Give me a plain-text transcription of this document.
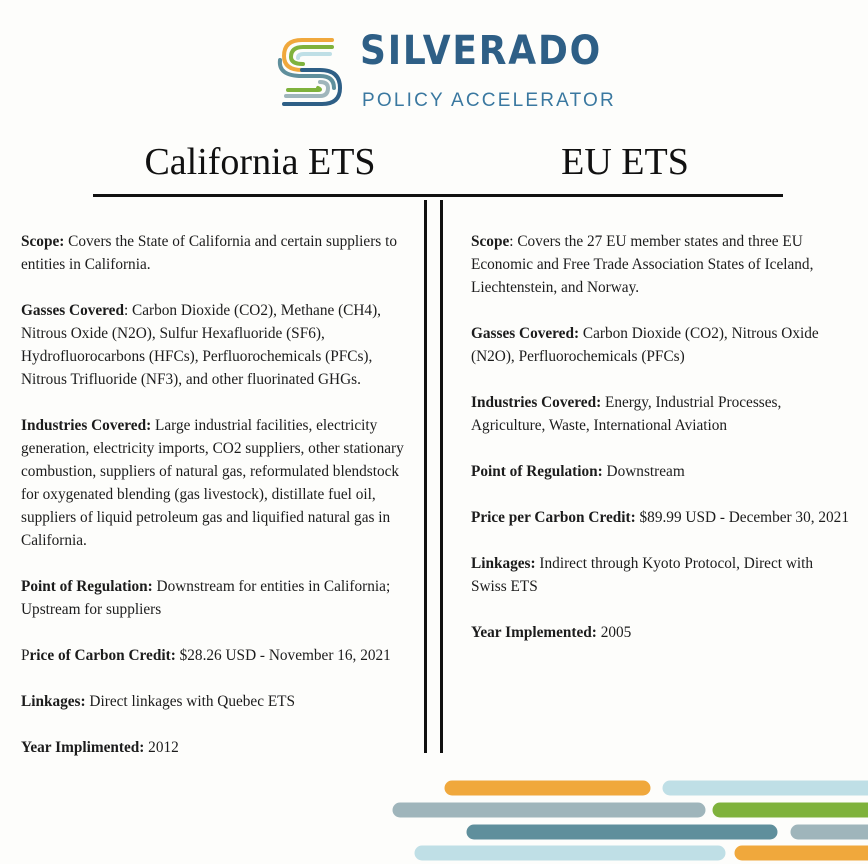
SILVERADO
POLICY ACCELERATOR
California ETS	EU ETS
Scope: Covers the State of California and certain suppliers to entities in California.
Gasses Covered: Carbon Dioxide (CO2), Methane (CH4), Nitrous Oxide (N2O), Sulfur Hexafluoride (SF6), Hydrofluorocarbons (HFCs), Perfluorochemicals (PFCs), Nitrous Trifluoride (NF3), and other fluorinated GHGs.
Industries Covered: Large industrial facilities, electricity generation, electricity imports, CO2 suppliers, other stationary combustion, suppliers of natural gas, reformulated blendstock for oxygenated blending (gas livestock), distillate fuel oil, suppliers of liquid petroleum gas and liquified natural gas in California.
Point of Regulation: Downstream for entities in California; Upstream for suppliers
Price of Carbon Credit: $28.26 USD - November 16, 2021
Linkages: Direct linkages with Quebec ETS
Year Implimented: 2012
Scope: Covers the 27 EU member states and three EU Economic and Free Trade Association States of Iceland, Liechtenstein, and Norway.
Gasses Covered: Carbon Dioxide (CO2), Nitrous Oxide (N2O), Perfluorochemicals (PFCs)
Industries Covered: Energy, Industrial Processes, Agriculture, Waste, International Aviation
Point of Regulation: Downstream
Price per Carbon Credit: $89.99 USD - December 30, 2021
Linkages: Indirect through Kyoto Protocol, Direct with Swiss ETS
Year Implemented: 2005
